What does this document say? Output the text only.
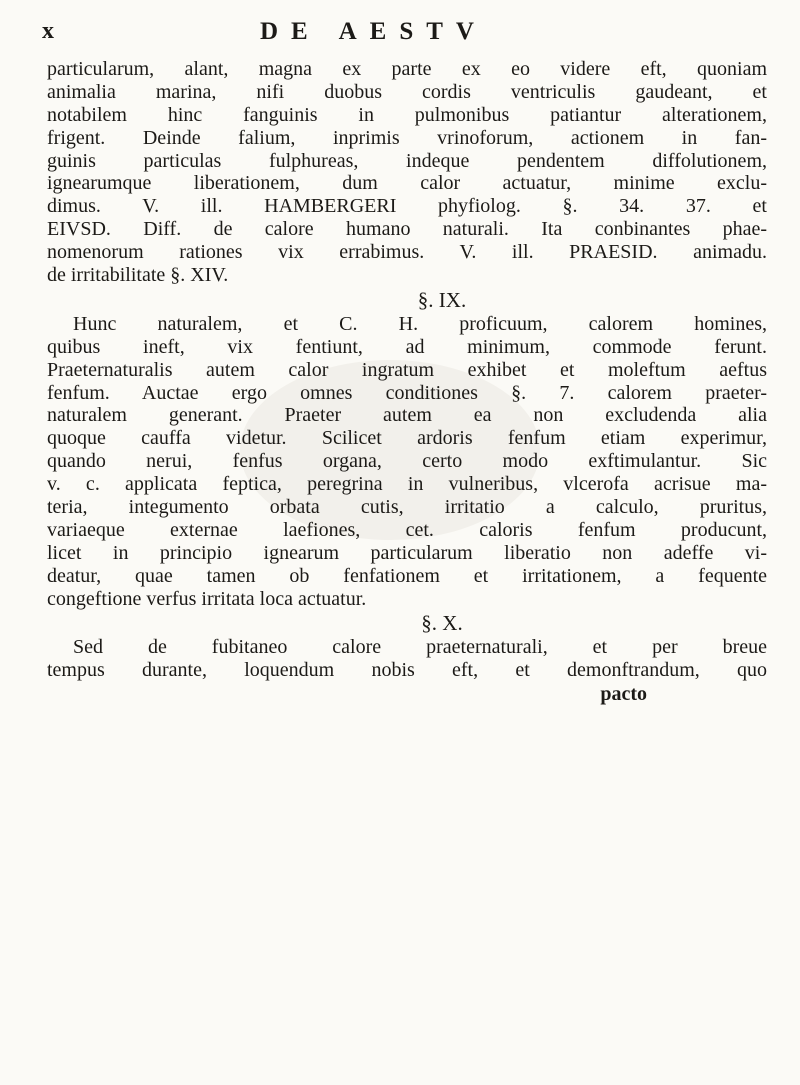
x	DE AESTV
particularum, alant, magna ex parte ex eo videre eft, quoniam
animalia marina, nifi duobus cordis ventriculis gaudeant, et
notabilem hinc fanguinis in pulmonibus patiantur alterationem,
frigent. Deinde falium, inprimis vrinoforum, actionem in fan-
guinis particulas fulphureas, indeque pendentem diffolutionem,
ignearumque liberationem, dum calor actuatur, minime exclu-
dimus. V. ill. HAMBERGERI phyfiolog. §. 34. 37. et
EIVSD. Diff. de calore humano naturali. Ita conbinantes phae-
nomenorum rationes vix errabimus. V. ill. PRAESID. animadu.
de irritabilitate §. XIV.
§. IX.
Hunc naturalem, et C. H. proficuum, calorem homines,
quibus ineft, vix fentiunt, ad minimum, commode ferunt.
Praeternaturalis autem calor ingratum exhibet et moleftum aeftus
fenfum. Auctae ergo omnes conditiones §. 7. calorem praeter-
naturalem generant. Praeter autem ea non excludenda alia
quoque cauffa videtur. Scilicet ardoris fenfum etiam experimur,
quando nerui, fenfus organa, certo modo exftimulantur. Sic
v. c. applicata feptica, peregrina in vulneribus, vlcerofa acrisue ma-
teria, integumento orbata cutis, irritatio a calculo, pruritus,
variaeque externae laefiones, cet. caloris fenfum producunt,
licet in principio ignearum particularum liberatio non adeffe vi-
deatur, quae tamen ob fenfationem et irritationem, a fequente
congeftione verfus irritata loca actuatur.
§. X.
Sed de fubitaneo calore praeternaturali, et per breue
tempus durante, loquendum nobis eft, et demonftrandum, quo
pacto
